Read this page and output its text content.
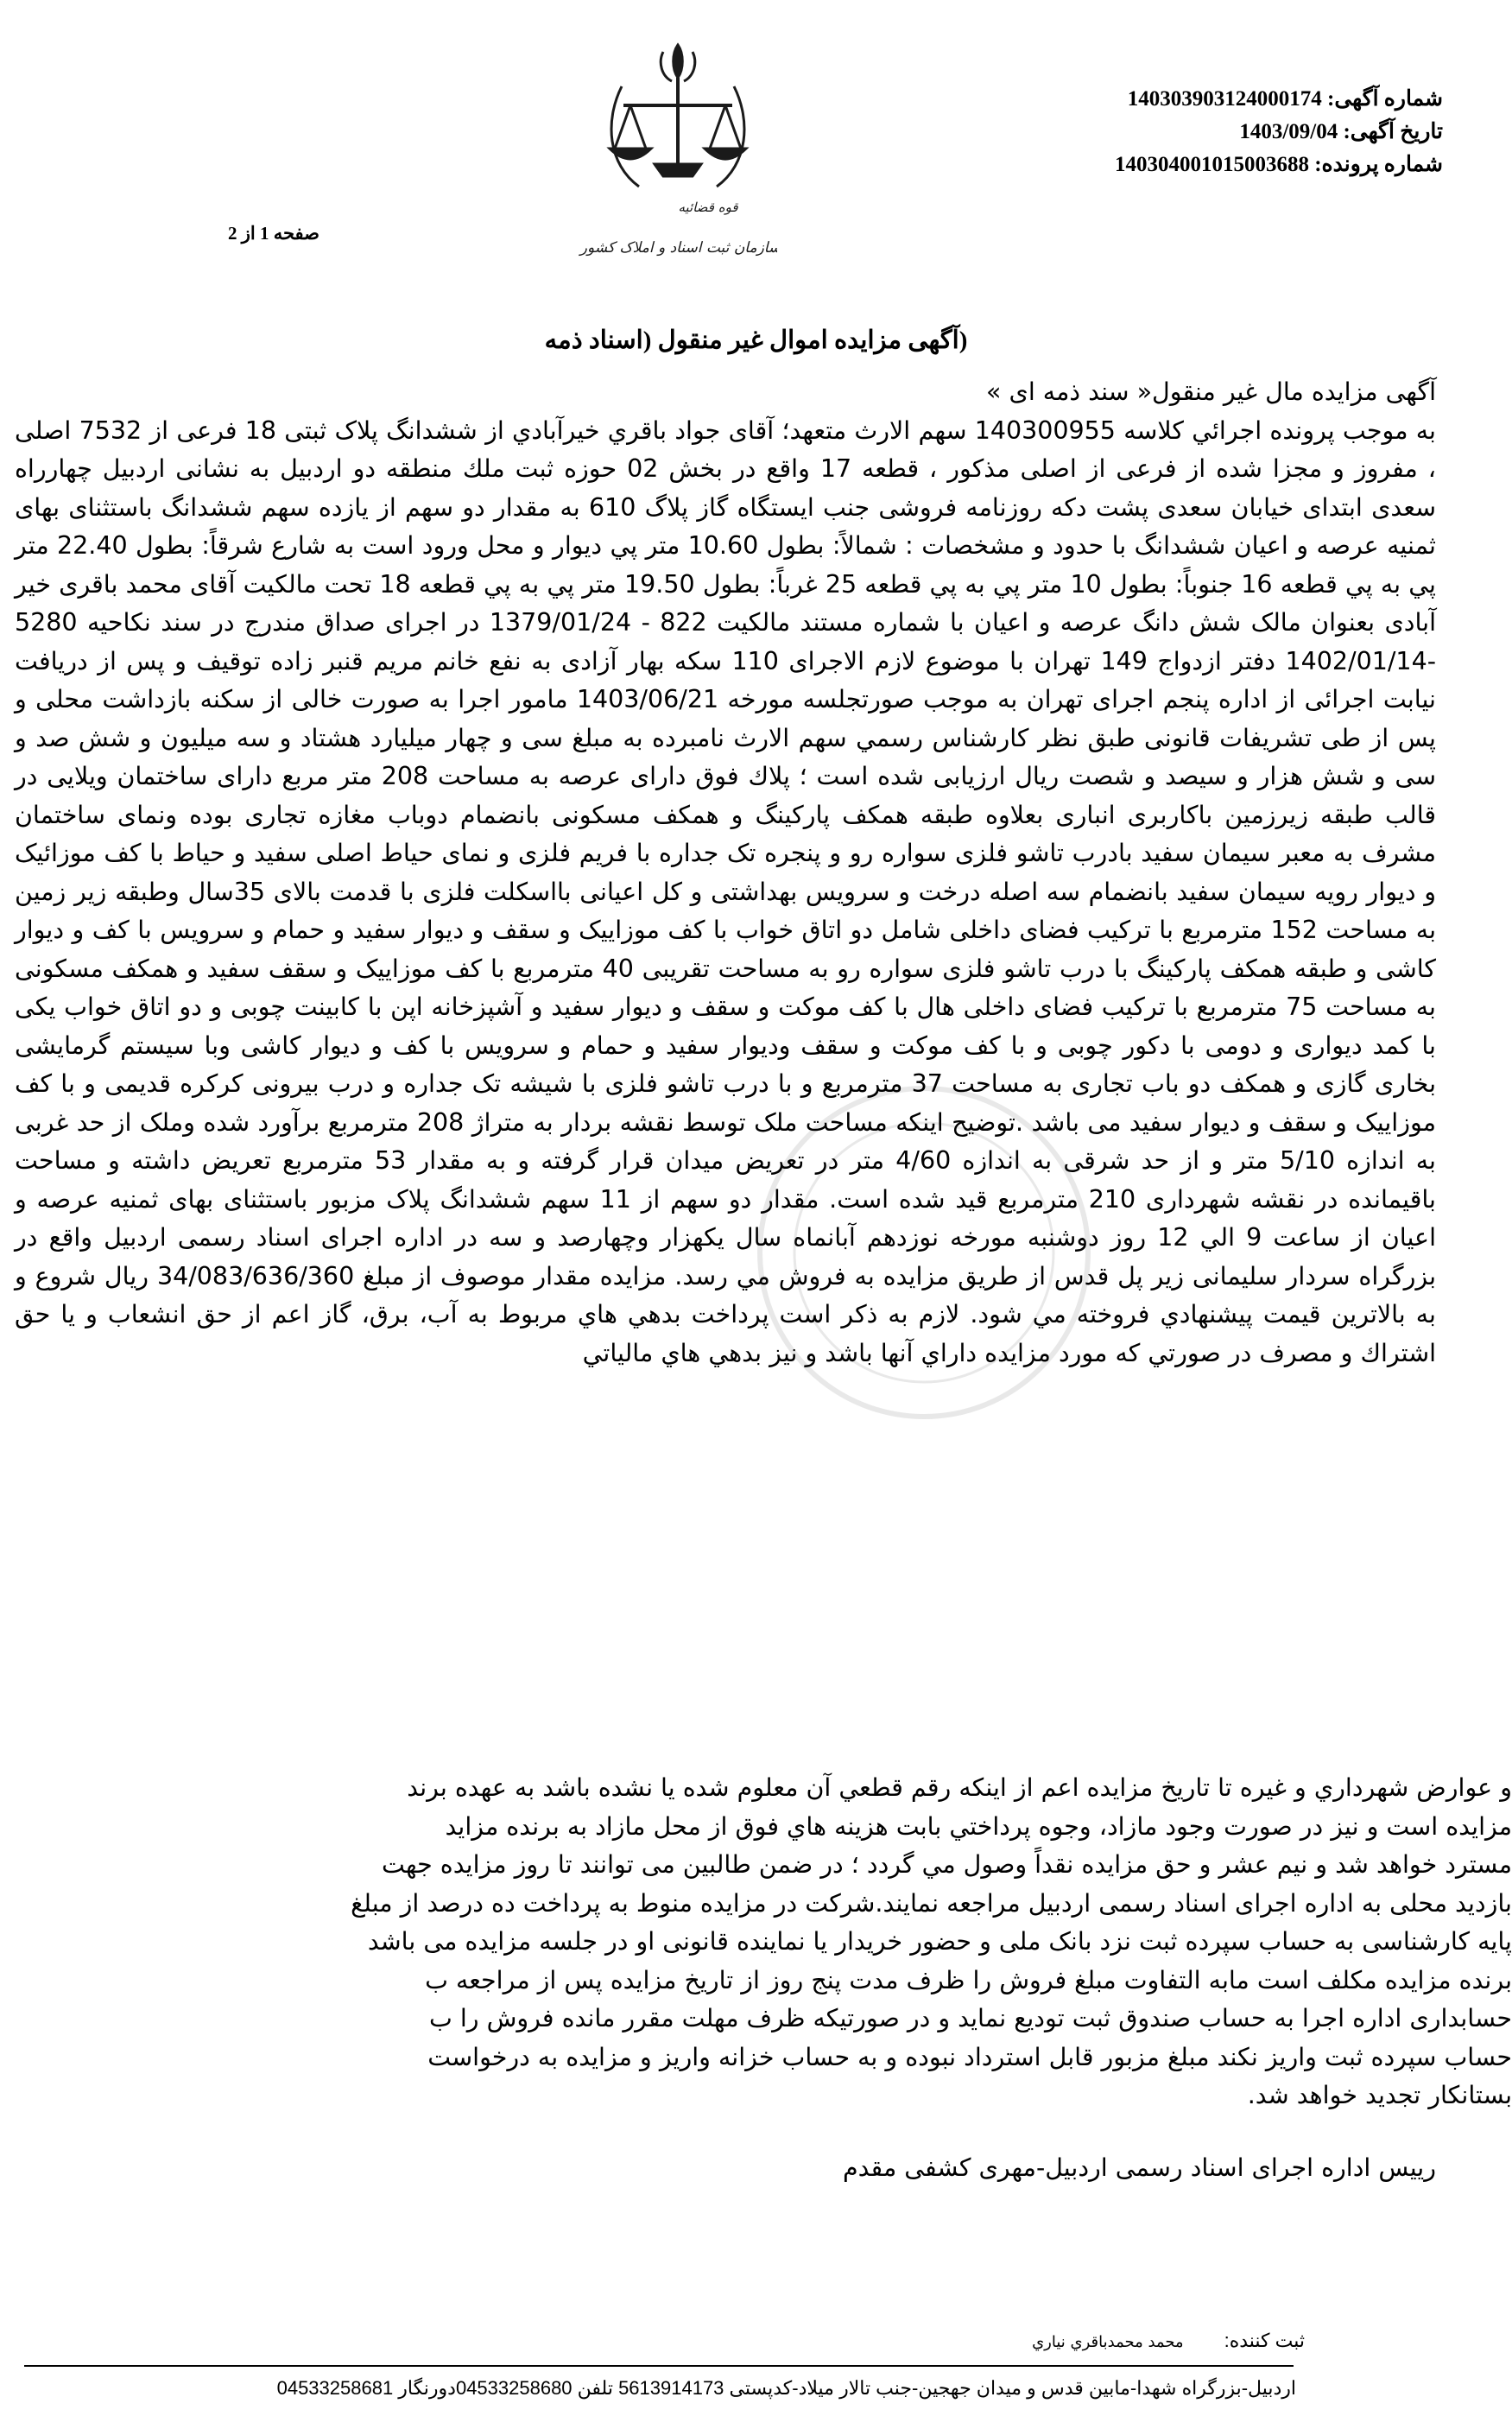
شماره آگهی: 140303903124000174
تاریخ آگهی: 1403/09/04
شماره پرونده: 140304001015003688
قوه قضائیه
سازمان ثبت اسناد و املاک کشور
صفحه 1 از 2
(آگهی مزایده اموال غیر منقول (اسناد ذمه

آگهی مزایده مال غیر منقول« سند ذمه ای »

به موجب پرونده اجرائي کلاسه 140300955 سهم الارث متعهد؛ آقای جواد باقري خیرآبادي از ششدانگ پلاک ثبتی 18 فرعی از 7532 اصلی ، مفروز و مجزا شده از فرعی از اصلی مذکور ، قطعه 17 واقع در بخش 02 حوزه ثبت ملك منطقه دو اردبیل به نشانی اردبیل چهارراه سعدی ابتدای خیابان سعدی پشت دکه روزنامه فروشی جنب ایستگاه گاز پلاگ 610 به مقدار دو سهم از یازده سهم ششدانگ باستثنای بهای ثمنیه عرصه و اعیان ششدانگ با حدود و مشخصات : شمالاً: بطول 10.60 متر پي ديوار و محل ورود است به شارع شرقاً: بطول 22.40 متر پي به پي قطعه 16 جنوباً: بطول 10 متر پي به پي قطعه 25 غرباً: بطول 19.50 متر پي به پي قطعه 18 تحت مالکیت آقای محمد باقری خیر آبادی بعنوان مالک شش دانگ عرصه و اعیان با شماره مستند مالکیت 822 - 1379/01/24 در اجرای صداق مندرج در سند نکاحیه 5280 -1402/01/14 دفتر ازدواج 149 تهران با موضوع لازم الاجرای 110 سکه بهار آزادی به نفع خانم مریم قنبر زاده توقیف و پس از دریافت نیابت اجرائی از اداره پنجم اجرای تهران به موجب صورتجلسه مورخه 1403/06/21 مامور اجرا به صورت خالی از سکنه بازداشت محلی و پس از طی تشریفات قانونی طبق نظر کارشناس رسمي سهم الارث نامبرده به مبلغ سی و چهار میلیارد هشتاد و سه میلیون و شش صد و سی و شش هزار و سیصد و شصت ریال ارزیابی شده است ؛ پلاك فوق دارای عرصه به مساحت 208 متر مربع دارای ساختمان ویلایی در قالب طبقه زیرزمین باکاربری انباری بعلاوه طبقه همکف پارکینگ و همکف مسکونی بانضمام دوباب مغازه تجاری بوده ونمای ساختمان مشرف به معبر سیمان سفید بادرب تاشو فلزی سواره رو و پنجره تک جداره با فریم فلزی و نمای حیاط اصلی سفید و حیاط با کف موزائیک و دیوار رویه سیمان سفید بانضمام سه اصله درخت و سرویس بهداشتی و کل اعیانی بااسکلت فلزی با قدمت بالای 35سال وطبقه زیر زمین به مساحت 152 مترمربع با ترکیب فضای داخلی شامل دو اتاق خواب با کف موزاییک و سقف و دیوار سفید و حمام و سرویس با کف و دیوار کاشی و طبقه همکف پارکینگ با درب تاشو فلزی سواره رو به مساحت تقریبی 40 مترمربع با کف موزاییک و سقف سفید و همکف مسکونی به مساحت 75 مترمربع با ترکیب فضای داخلی هال با کف موکت و سقف و دیوار سفید و آشپزخانه اپن با کابینت چوبی و دو اتاق خواب یکی با کمد دیواری و دومی با دکور چوبی و با کف موکت و سقف ودیوار سفید و حمام و سرویس با کف و دیوار کاشی وبا سیستم گرمایشی بخاری گازی و همکف دو باب تجاری به مساحت 37 مترمربع و با درب تاشو فلزی با شیشه تک جداره و درب بیرونی کرکره قدیمی و با کف موزاییک و سقف و دیوار سفید می باشد .توضیح اینکه مساحت ملک توسط نقشه بردار به متراژ 208 مترمربع برآورد شده وملک از حد غربی به اندازه 5/10 متر و از حد شرقی به اندازه 4/60 متر در تعریض میدان قرار گرفته و به مقدار 53 مترمربع تعریض داشته و مساحت باقیمانده در نقشه شهرداری 210 مترمربع قید شده است. مقدار دو سهم از 11 سهم ششدانگ پلاک مزبور باستثنای بهای ثمنیه عرصه و اعیان از ساعت 9 الي 12 روز دوشنبه مورخه نوزدهم آبانماه سال یکهزار وچهارصد و سه در اداره اجرای اسناد رسمی اردبیل واقع در بزرگراه سردار سلیمانی زیر پل قدس از طریق مزایده به فروش مي رسد. مزایده مقدار موصوف از مبلغ 34/083/636/360 ریال شروع و به بالاترین قیمت پیشنهادي فروخته مي شود. لازم به ذکر است پرداخت بدهي هاي مربوط به آب، برق، گاز اعم از حق انشعاب و یا حق اشتراك و مصرف در صورتي که مورد مزایده داراي آنها باشد و نیز بدهي هاي مالیاتي

و عوارض شهرداري و غیره تا تاریخ مزایده اعم از اینکه رقم قطعي آن معلوم شده یا نشده باشد به عهده برند
مزایده است و نیز در صورت وجود مازاد، وجوه پرداختي بابت هزینه هاي فوق از محل مازاد به برنده مزاید
مسترد خواهد شد و نیم عشر و حق مزایده نقداً وصول مي گردد ؛ در ضمن طالبین می توانند تا روز مزایده جهت
بازدید محلی به اداره اجرای اسناد رسمی اردبیل مراجعه نمایند.شرکت در مزایده منوط به پرداخت ده درصد از مبلغ
پایه کارشناسی به حساب سپرده ثبت نزد بانک ملی و حضور خریدار یا نماینده قانونی او در جلسه مزایده می باشد
برنده مزایده مکلف است مابه التفاوت مبلغ فروش را ظرف مدت پنج روز از تاریخ مزایده پس از مراجعه ب
حسابداری اداره اجرا به حساب صندوق ثبت تودیع نماید و در صورتیکه ظرف مهلت مقرر مانده فروش را ب
حساب سپرده ثبت واریز نکند مبلغ مزبور قابل استرداد نبوده و به حساب خزانه واریز و مزایده به درخواست
بستانکار تجدید خواهد شد.
رییس اداره اجرای اسناد رسمی اردبیل-مهری کشفی مقدم
ثبت کننده: محمد محمدباقري نياري
اردبیل-بزرگراه شهدا-مابین قدس و میدان جهجین-جنب تالار میلاد-کدپستی 5613914173 تلفن 04533258680دورنگار 04533258681
